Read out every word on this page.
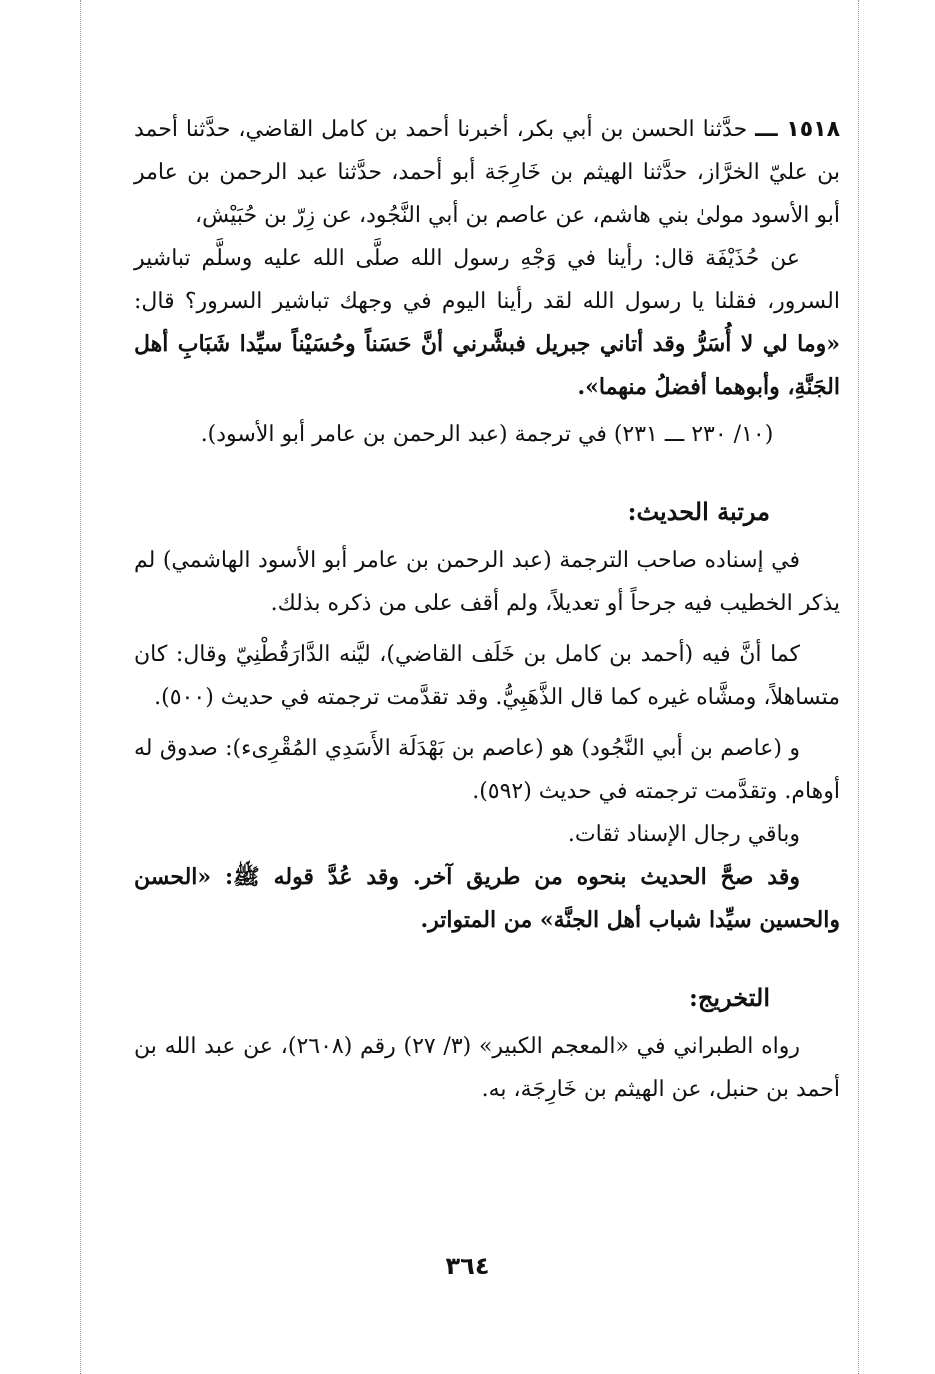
١٥١٨ ـــ حدَّثنا الحسن بن أبي بكر، أخبرنا أحمد بن كامل القاضي، حدَّثنا أحمد بن عليّ الخرَّاز، حدَّثنا الهيثم بن خَارِجَة أبو أحمد، حدَّثنا عبد الرحمن بن عامر أبو الأسود مولىٰ بني هاشم، عن عاصم بن أبي النَّجُود، عن زِرّ بن حُبَيْش،

عن حُذَيْفَة قال: رأينا في وَجْهِ رسول الله صلَّى الله عليه وسلَّم تباشير السرور، فقلنا يا رسول الله لقد رأينا اليوم في وجهك تباشير السرور؟ قال: «وما لي لا أُسَرُّ وقد أتاني جبريل فبشَّرني أنَّ حَسَناً وحُسَيْناً سيِّدا شَبَابِ أهل الجَنَّةِ، وأبوهما أفضلُ منهما».

(١٠/ ٢٣٠ ـــ ٢٣١) في ترجمة (عبد الرحمن بن عامر أبو الأسود).

مرتبة الحديث:

في إسناده صاحب الترجمة (عبد الرحمن بن عامر أبو الأسود الهاشمي) لم يذكر الخطيب فيه جرحاً أو تعديلاً، ولم أقف على من ذكره بذلك.

كما أنَّ فيه (أحمد بن كامل بن خَلَف القاضي)، ليَّنه الدَّارَقُطْنِيّ وقال: كان متساهلاً، ومشَّاه غيره كما قال الذَّهَبِيُّ. وقد تقدَّمت ترجمته في حديث (٥٠٠).

و (عاصم بن أبي النَّجُود) هو (عاصم بن بَهْدَلَة الأَسَدِي المُقْرِىء): صدوق له أوهام. وتقدَّمت ترجمته في حديث (٥٩٢).

وباقي رجال الإسناد ثقات.

وقد صحَّ الحديث بنحوه من طريق آخر. وقد عُدَّ قوله ﷺ: «الحسن والحسين سيِّدا شباب أهل الجنَّة» من المتواتر.

التخريج:

رواه الطبراني في «المعجم الكبير» (٣/ ٢٧) رقم (٢٦٠٨)، عن عبد الله بن أحمد بن حنبل، عن الهيثم بن خَارِجَة، به.

٣٦٤
